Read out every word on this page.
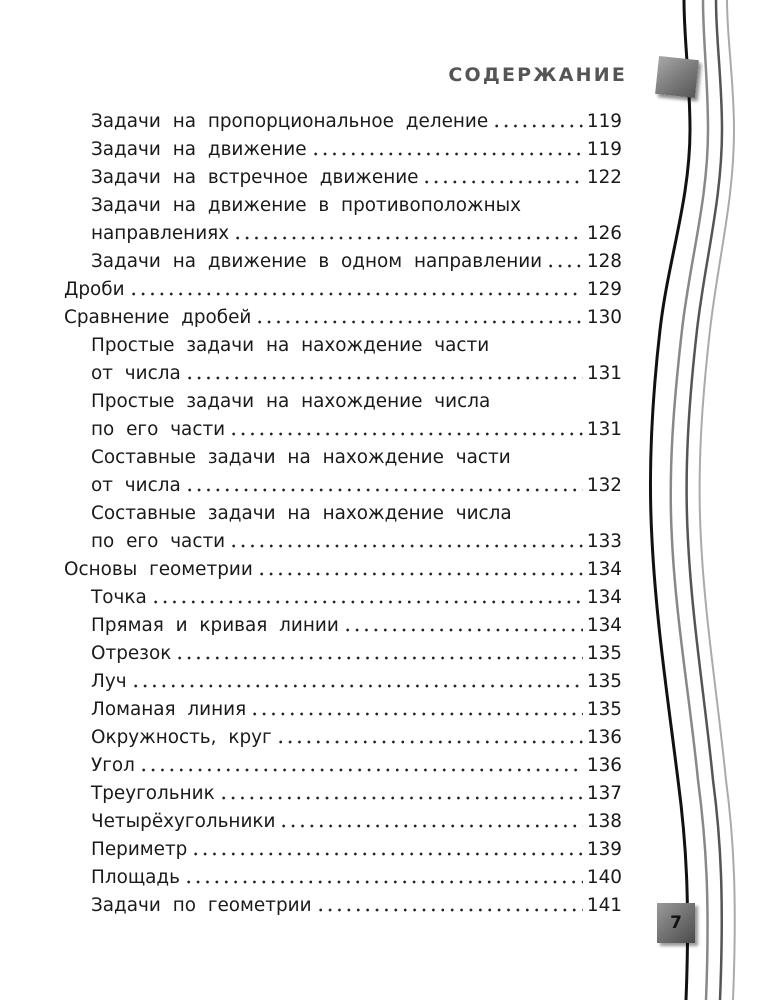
СОДЕРЖАНИЕ
Задачи на пропорциональное деление	119
Задачи на движение	119
Задачи на встречное движение	122
Задачи на движение в противоположных
направлениях	126
Задачи на движение в одном направлении 128
Дроби	129
Сравнение дробей	130
Простые задачи на нахождение части
от числа	131
Простые задачи на нахождение числа
по его части	131
Составные задачи на нахождение части
от числа	132
Составные задачи на нахождение числа
по его части	133
Основы геометрии	134
Точка	134
Прямая и кривая линии	134
Отрезок	135
Луч	135
Ломаная линия	135
Окружность, круг	136
Угол	136
Треугольник	137
Четырёхугольники	138
Периметр	139
Площадь	140
Задачи по геометрии	141
7
